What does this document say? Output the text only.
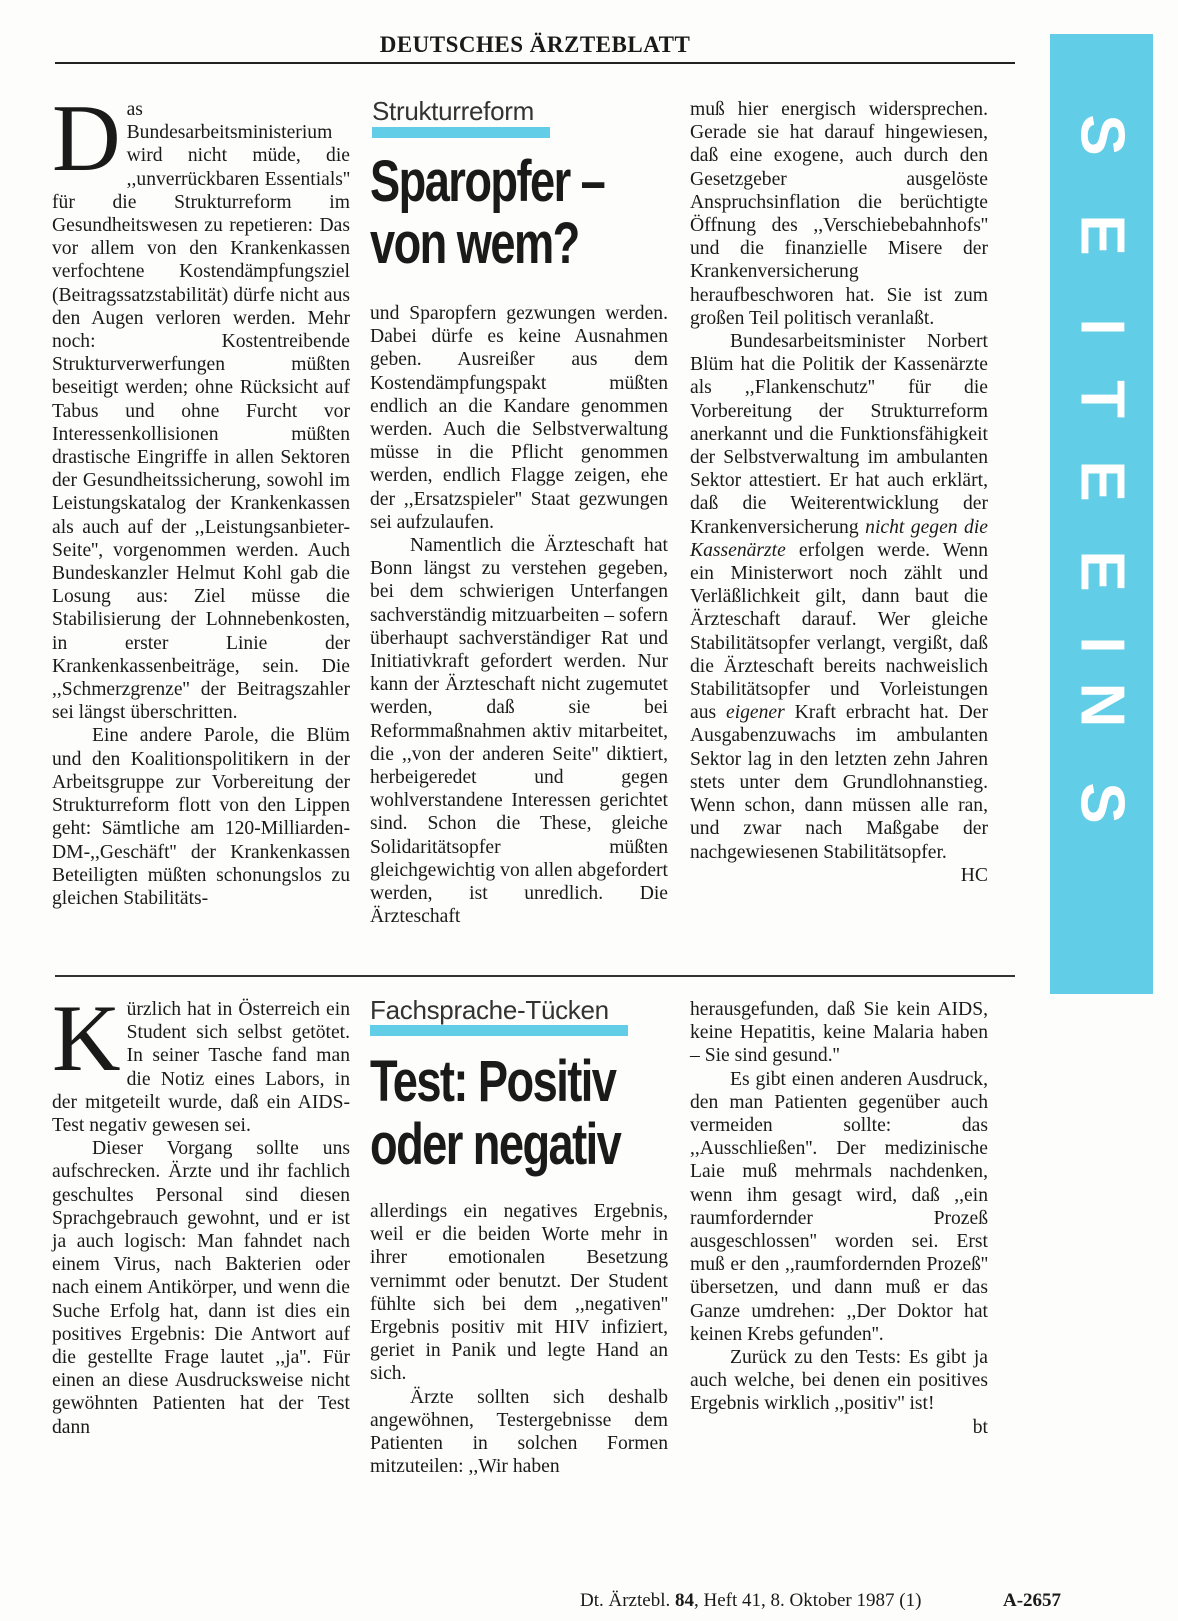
DEUTSCHES ÄRZTEBLATT
S
E
I
T
E
E
I
N
S

Das Bundesarbeitsministerium wird nicht müde, die ,,unverrückbaren Essentials'' für die Strukturreform im Gesundheitswesen zu repetieren: Das vor allem von den Krankenkassen verfochtene Kostendämpfungsziel (Beitragssatzstabilität) dürfe nicht aus den Augen verloren werden. Mehr noch: Kostentreibende Strukturverwerfungen müßten beseitigt werden; ohne Rücksicht auf Tabus und ohne Furcht vor Interessenkollisionen müßten drastische Eingriffe in allen Sektoren der Gesundheitssicherung, sowohl im Leistungskatalog der Krankenkassen als auch auf der ,,Leistungsanbieter-Seite'', vorgenommen werden. Auch Bundeskanzler Helmut Kohl gab die Losung aus: Ziel müsse die Stabilisierung der Lohnnebenkosten, in erster Linie der Krankenkassenbeiträge, sein. Die ,,Schmerzgrenze'' der Beitragszahler sei längst überschritten.

Eine andere Parole, die Blüm und den Koalitionspolitikern in der Arbeitsgruppe zur Vorbereitung der Strukturreform flott von den Lippen geht: Sämtliche am 120-Milliarden-DM-,,Geschäft'' der Krankenkassen Beteiligten müßten schonungslos zu gleichen Stabilitäts-

Strukturreform
Sparopfer –
von wem?

und Sparopfern gezwungen werden. Dabei dürfe es keine Ausnahmen geben. Ausreißer aus dem Kostendämpfungspakt müßten endlich an die Kandare genommen werden. Auch die Selbstverwaltung müsse in die Pflicht genommen werden, endlich Flagge zeigen, ehe der ,,Ersatzspieler'' Staat gezwungen sei aufzulaufen.

Namentlich die Ärzteschaft hat Bonn längst zu verstehen gegeben, bei dem schwierigen Unterfangen sachverständig mitzuarbeiten – sofern überhaupt sachverständiger Rat und Initiativkraft gefordert werden. Nur kann der Ärzteschaft nicht zugemutet werden, daß sie bei Reformmaßnahmen aktiv mitarbeitet, die ,,von der anderen Seite'' diktiert, herbeigeredet und gegen wohlverstandene Interessen gerichtet sind. Schon die These, gleiche Solidaritätsopfer müßten gleichgewichtig von allen abgefordert werden, ist unredlich. Die Ärzteschaft

muß hier energisch widersprechen. Gerade sie hat darauf hingewiesen, daß eine exogene, auch durch den Gesetzgeber ausgelöste Anspruchsinflation die berüchtigte Öffnung des ,,Verschiebebahnhofs'' und die finanzielle Misere der Krankenversicherung heraufbeschworen hat. Sie ist zum großen Teil politisch veranlaßt.

Bundesarbeitsminister Norbert Blüm hat die Politik der Kassenärzte als ,,Flankenschutz'' für die Vorbereitung der Strukturreform anerkannt und die Funktionsfähigkeit der Selbstverwaltung im ambulanten Sektor attestiert. Er hat auch erklärt, daß die Weiterentwicklung der Krankenversicherung nicht gegen die Kassenärzte erfolgen werde. Wenn ein Ministerwort noch zählt und Verläßlichkeit gilt, dann baut die Ärzteschaft darauf. Wer gleiche Stabilitätsopfer verlangt, vergißt, daß die Ärzteschaft bereits nachweislich Stabilitätsopfer und Vorleistungen aus eigener Kraft erbracht hat. Der Ausgabenzuwachs im ambulanten Sektor lag in den letzten zehn Jahren stets unter dem Grundlohnanstieg. Wenn schon, dann müssen alle ran, und zwar nach Maßgabe der nachgewiesenen Stabilitätsopfer.
HC

Kürzlich hat in Österreich ein Student sich selbst getötet. In seiner Tasche fand man die Notiz eines Labors, in der mitgeteilt wurde, daß ein AIDS-Test negativ gewesen sei.

Dieser Vorgang sollte uns aufschrecken. Ärzte und ihr fachlich geschultes Personal sind diesen Sprachgebrauch gewohnt, und er ist ja auch logisch: Man fahndet nach einem Virus, nach Bakterien oder nach einem Antikörper, und wenn die Suche Erfolg hat, dann ist dies ein positives Ergebnis: Die Antwort auf die gestellte Frage lautet ,,ja''. Für einen an diese Ausdrucksweise nicht gewöhnten Patienten hat der Test dann

Fachsprache-Tücken
Test: Positiv
oder negativ

allerdings ein negatives Ergebnis, weil er die beiden Worte mehr in ihrer emotionalen Besetzung vernimmt oder benutzt. Der Student fühlte sich bei dem ,,negativen'' Ergebnis positiv mit HIV infiziert, geriet in Panik und legte Hand an sich.

Ärzte sollten sich deshalb angewöhnen, Testergebnisse dem Patienten in solchen Formen mitzuteilen: ,,Wir haben

herausgefunden, daß Sie kein AIDS, keine Hepatitis, keine Malaria haben – Sie sind gesund.''

Es gibt einen anderen Ausdruck, den man Patienten gegenüber auch vermeiden sollte: das ,,Ausschließen''. Der medizinische Laie muß mehrmals nachdenken, wenn ihm gesagt wird, daß ,,ein raumfordernder Prozeß ausgeschlossen'' worden sei. Erst muß er den ,,raumfordernden Prozeß'' übersetzen, und dann muß er das Ganze umdrehen: ,,Der Doktor hat keinen Krebs gefunden''.

Zurück zu den Tests: Es gibt ja auch welche, bei denen ein positives Ergebnis wirklich ,,positiv'' ist!
bt

Dt. Ärztebl. 84, Heft 41, 8. Oktober 1987 (1)	A-2657
